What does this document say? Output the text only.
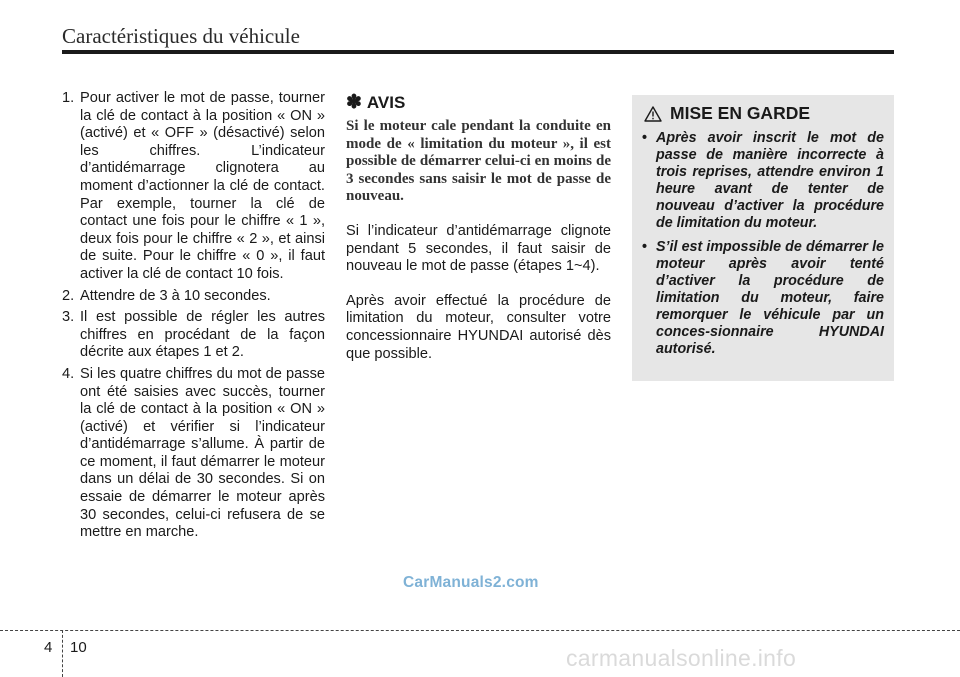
Caractéristiques du véhicule
1. Pour activer le mot de passe, tourner la clé de contact à la position « ON » (activé) et « OFF » (désactivé) selon les chiffres. L’indicateur d’antidémarrage clignotera au moment d’actionner la clé de contact. Par exemple, tourner la clé de contact une fois pour le chiffre « 1 », deux fois pour le chiffre « 2 », et ainsi de suite. Pour le chiffre « 0 », il faut activer la clé de contact 10 fois.
2. Attendre de 3 à 10 secondes.
3. Il est possible de régler les autres chiffres en procédant de la façon décrite aux étapes 1 et 2.
4. Si les quatre chiffres du mot de passe ont été saisies avec succès, tourner la clé de contact à la position « ON » (activé) et vérifier si l’indicateur d’antidémarrage s’allume. À partir de ce moment, il faut démarrer le moteur dans un délai de 30 secondes. Si on essaie de démarrer le moteur après 30 secondes, celui-ci refusera de se mettre en marche.
✽ AVIS

Si le moteur cale pendant la conduite en mode de « limitation du moteur », il est possible de démarrer celui-ci en moins de 3 secondes sans saisir le mot de passe de nouveau.

Si l’indicateur d’antidémarrage clignote pendant 5 secondes, il faut saisir de nouveau le mot de passe (étapes 1~4).

Après avoir effectué la procédure de limitation du moteur, consulter votre concessionnaire HYUNDAI autorisé dès que possible.

MISE EN GARDE
• Après avoir inscrit le mot de passe de manière incorrecte à trois reprises, attendre environ 1 heure avant de tenter de nouveau d’activer la procédure de limitation du moteur.
• S’il est impossible de démarrer le moteur après avoir tenté d’activer la procédure de limitation du moteur, faire remorquer le véhicule par un conces-sionnaire HYUNDAI autorisé.
CarManuals2.com
4 10	carmanualsonline.info
